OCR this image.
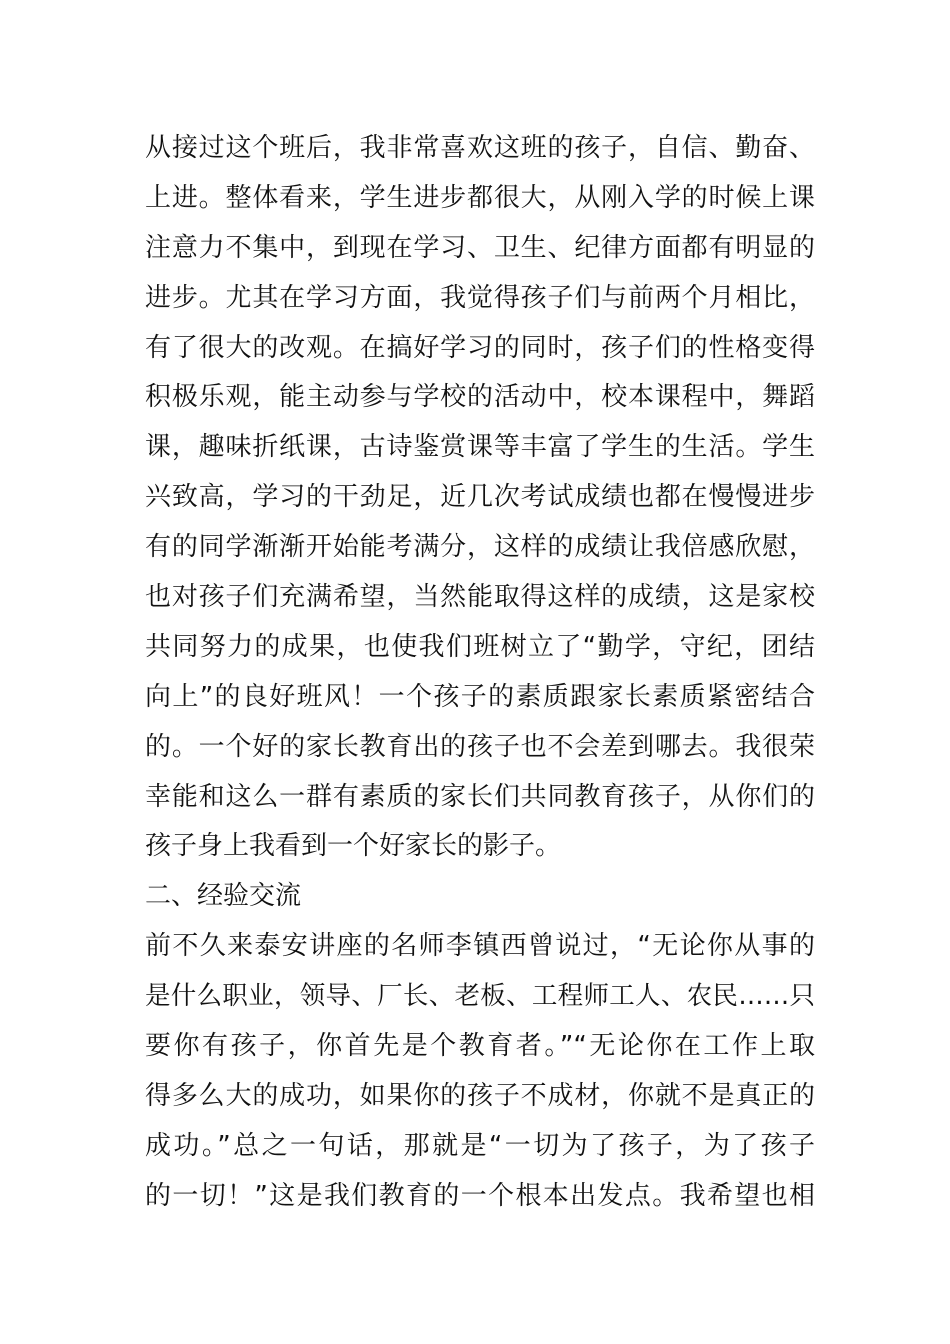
从接过这个班后，我非常喜欢这班的孩子，自信、勤奋、
上进。整体看来，学生进步都很大，从刚入学的时候上课
注意力不集中，到现在学习、卫生、纪律方面都有明显的
进步。尤其在学习方面，我觉得孩子们与前两个月相比，
有了很大的改观。在搞好学习的同时，孩子们的性格变得
积极乐观，能主动参与学校的活动中，校本课程中，舞蹈
课，趣味折纸课，古诗鉴赏课等丰富了学生的生活。学生
兴致高，学习的干劲足，近几次考试成绩也都在慢慢进步
有的同学渐渐开始能考满分，这样的成绩让我倍感欣慰，
也对孩子们充满希望，当然能取得这样的成绩，这是家校
共同努力的成果，也使我们班树立了“勤学，守纪，团结
向上”的良好班风！一个孩子的素质跟家长素质紧密结合
的。一个好的家长教育出的孩子也不会差到哪去。我很荣
幸能和这么一群有素质的家长们共同教育孩子，从你们的
孩子身上我看到一个好家长的影子。
二、经验交流
前不久来泰安讲座的名师李镇西曾说过，“无论你从事的
是什么职业，领导、厂长、老板、工程师工人、农民……只
要你有孩子，你首先是个教育者。”“无论你在工作上取
得多么大的成功，如果你的孩子不成材，你就不是真正的
成功。”总之一句话，那就是“一切为了孩子，为了孩子
的一切！”这是我们教育的一个根本出发点。我希望也相
